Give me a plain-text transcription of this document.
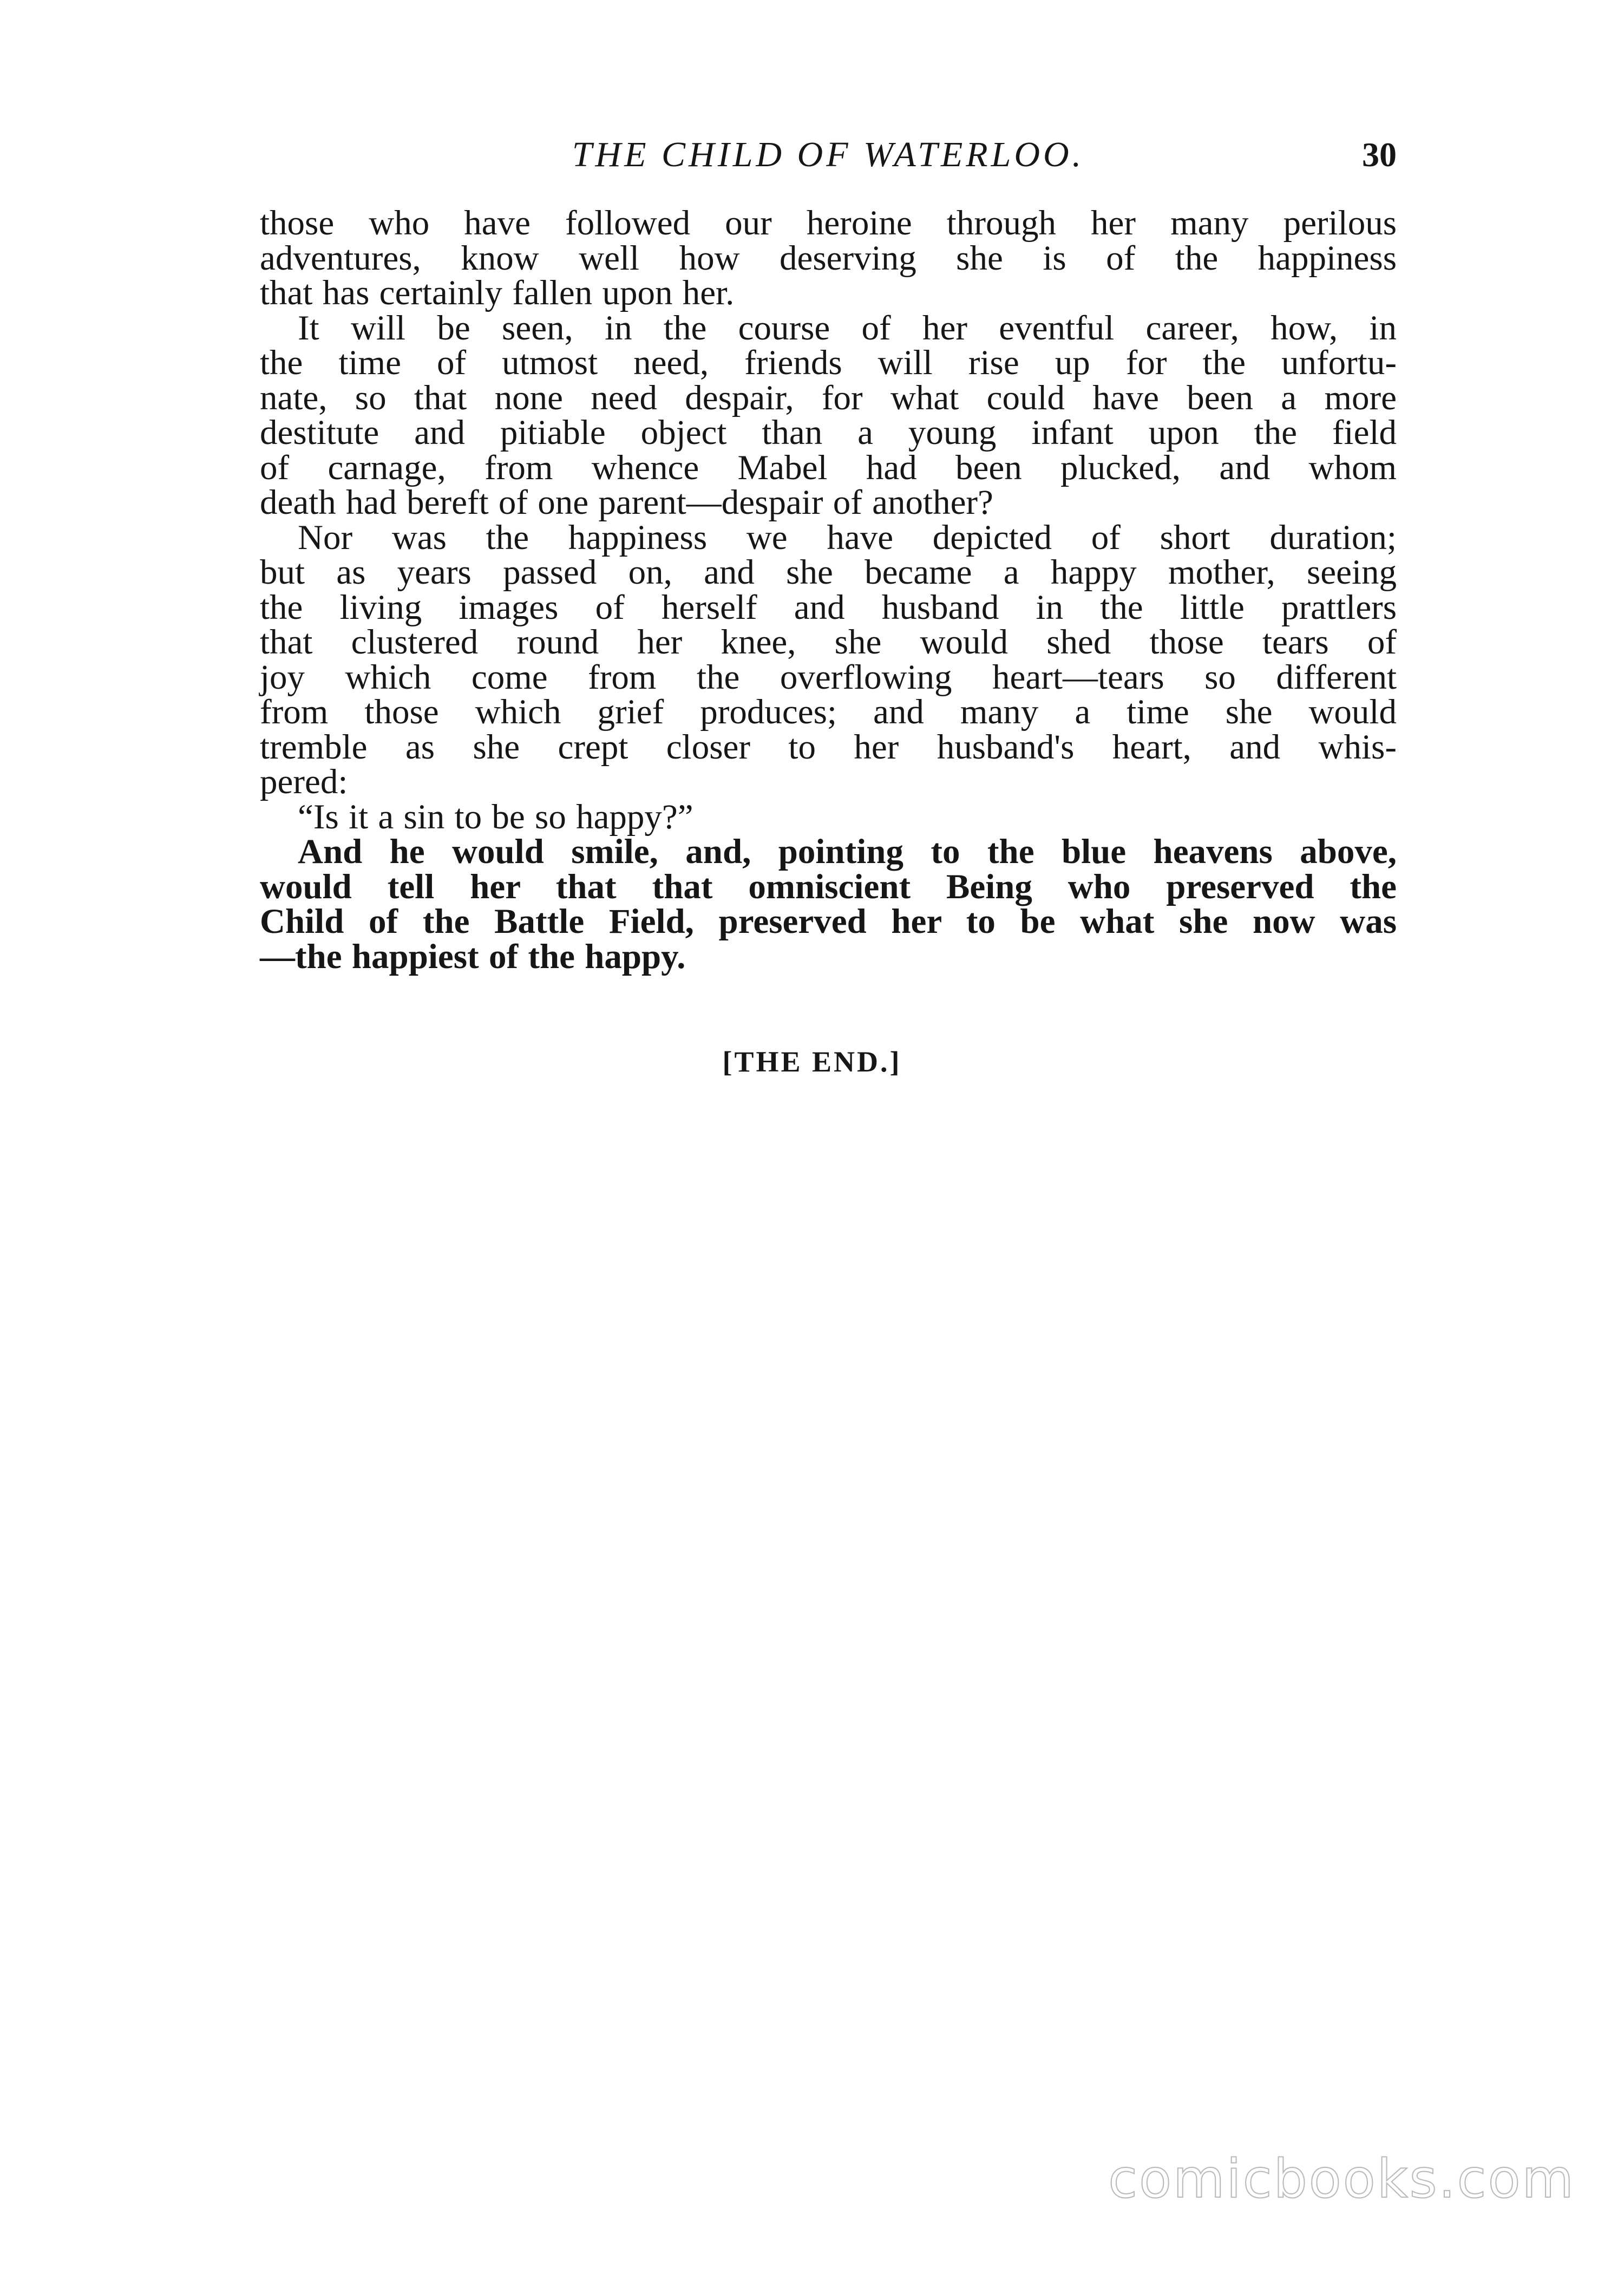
THE CHILD OF WATERLOO.	30
those who have followed our heroine through her many perilous
adventures, know well how deserving she is of the happiness
that has certainly fallen upon her.
It will be seen, in the course of her eventful career, how, in
the time of utmost need, friends will rise up for the unfortu-
nate, so that none need despair, for what could have been a more
destitute and pitiable object than a young infant upon the field
of carnage, from whence Mabel had been plucked, and whom
death had bereft of one parent—despair of another?
Nor was the happiness we have depicted of short duration;
but as years passed on, and she became a happy mother, seeing
the living images of herself and husband in the little prattlers
that clustered round her knee, she would shed those tears of
joy which come from the overflowing heart—tears so different
from those which grief produces; and many a time she would
tremble as she crept closer to her husband's heart, and whis-
pered:
“Is it a sin to be so happy?”
And he would smile, and, pointing to the blue heavens above,
would tell her that that omniscient Being who preserved the
Child of the Battle Field, preserved her to be what she now was
—the happiest of the happy.
[THE END.]
comicbooks.com
